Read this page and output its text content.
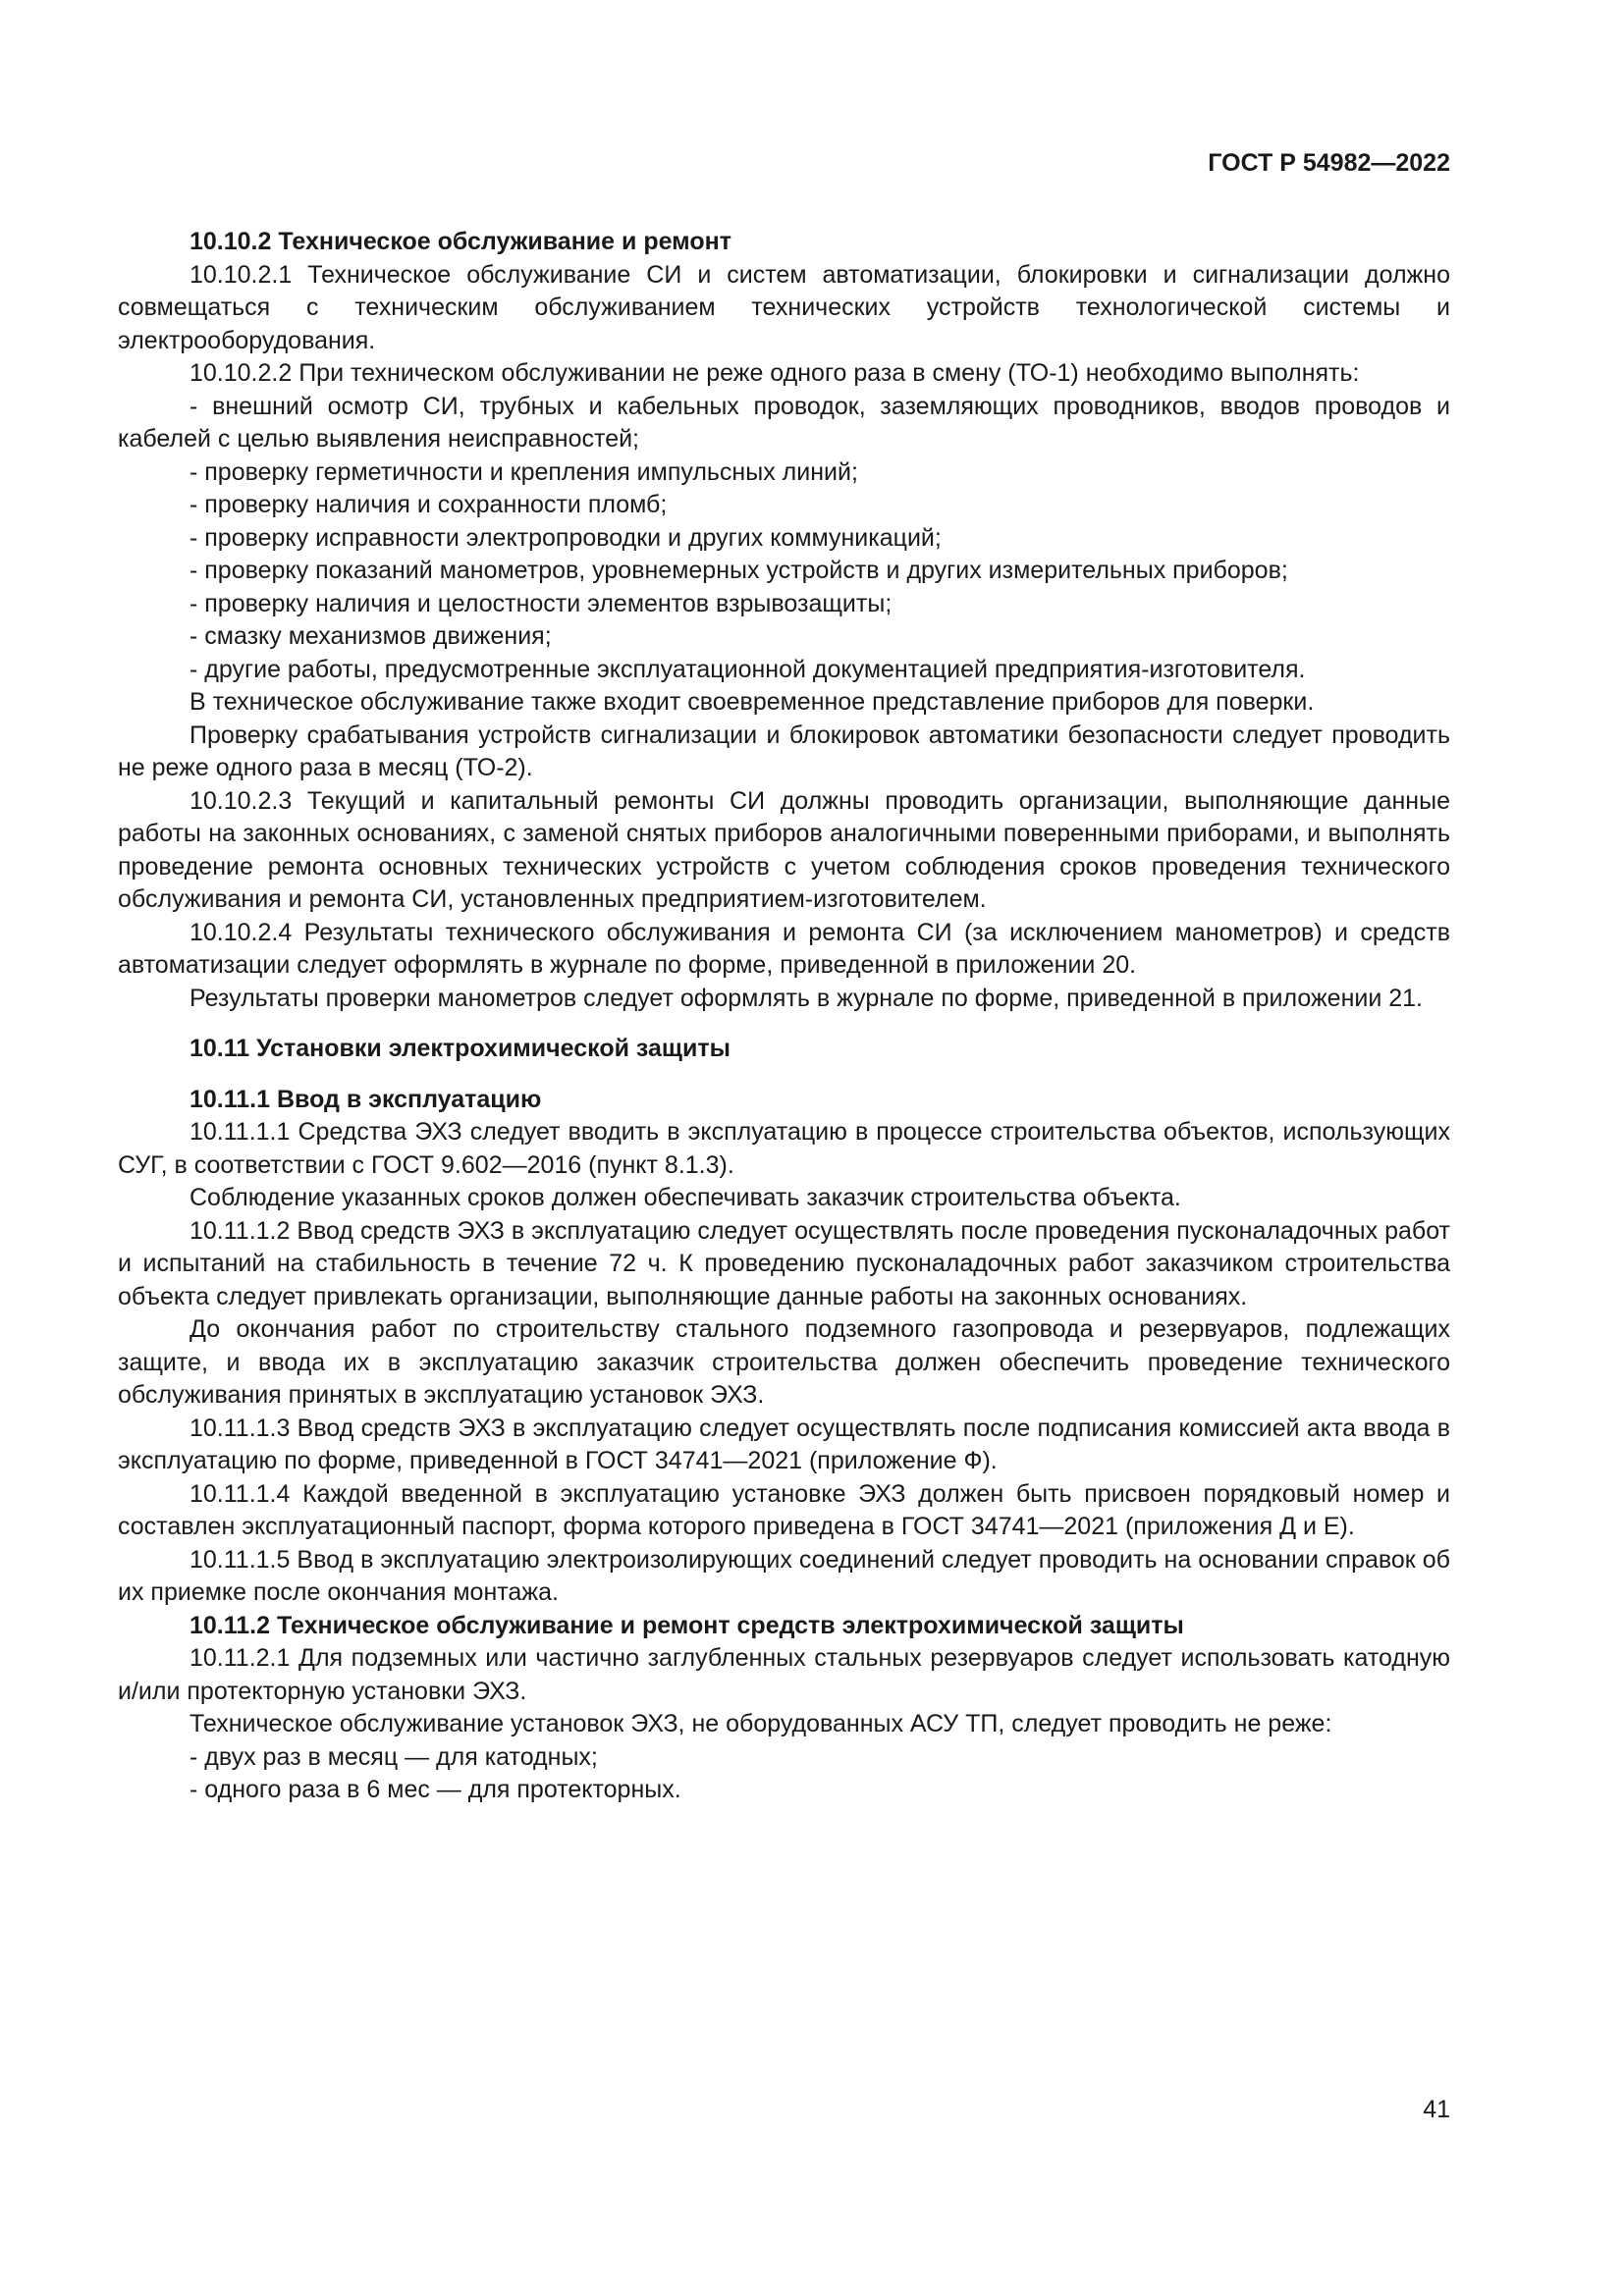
ГОСТ Р 54982—2022
10.10.2 Техническое обслуживание и ремонт
10.10.2.1 Техническое обслуживание СИ и систем автоматизации, блокировки и сигнализации должно совмещаться с техническим обслуживанием технических устройств технологической системы и электрооборудования.
10.10.2.2 При техническом обслуживании не реже одного раза в смену (ТО-1) необходимо выполнять:
- внешний осмотр СИ, трубных и кабельных проводок, заземляющих проводников, вводов проводов и кабелей с целью выявления неисправностей;
- проверку герметичности и крепления импульсных линий;
- проверку наличия и сохранности пломб;
- проверку исправности электропроводки и других коммуникаций;
- проверку показаний манометров, уровнемерных устройств и других измерительных приборов;
- проверку наличия и целостности элементов взрывозащиты;
- смазку механизмов движения;
- другие работы, предусмотренные эксплуатационной документацией предприятия-изготовителя.
В техническое обслуживание также входит своевременное представление приборов для поверки.
Проверку срабатывания устройств сигнализации и блокировок автоматики безопасности следует проводить не реже одного раза в месяц (ТО-2).
10.10.2.3 Текущий и капитальный ремонты СИ должны проводить организации, выполняющие данные работы на законных основаниях, с заменой снятых приборов аналогичными поверенными приборами, и выполнять проведение ремонта основных технических устройств с учетом соблюдения сроков проведения технического обслуживания и ремонта СИ, установленных предприятием-изготовителем.
10.10.2.4 Результаты технического обслуживания и ремонта СИ (за исключением манометров) и средств автоматизации следует оформлять в журнале по форме, приведенной в приложении 20.
Результаты проверки манометров следует оформлять в журнале по форме, приведенной в приложении 21.
10.11 Установки электрохимической защиты
10.11.1 Ввод в эксплуатацию
10.11.1.1 Средства ЭХЗ следует вводить в эксплуатацию в процессе строительства объектов, использующих СУГ, в соответствии с ГОСТ 9.602—2016 (пункт 8.1.3).
Соблюдение указанных сроков должен обеспечивать заказчик строительства объекта.
10.11.1.2 Ввод средств ЭХЗ в эксплуатацию следует осуществлять после проведения пусконаладочных работ и испытаний на стабильность в течение 72 ч. К проведению пусконаладочных работ заказчиком строительства объекта следует привлекать организации, выполняющие данные работы на законных основаниях.
До окончания работ по строительству стального подземного газопровода и резервуаров, подлежащих защите, и ввода их в эксплуатацию заказчик строительства должен обеспечить проведение технического обслуживания принятых в эксплуатацию установок ЭХЗ.
10.11.1.3 Ввод средств ЭХЗ в эксплуатацию следует осуществлять после подписания комиссией акта ввода в эксплуатацию по форме, приведенной в ГОСТ 34741—2021 (приложение Ф).
10.11.1.4 Каждой введенной в эксплуатацию установке ЭХЗ должен быть присвоен порядковый номер и составлен эксплуатационный паспорт, форма которого приведена в ГОСТ 34741—2021 (приложения Д и Е).
10.11.1.5 Ввод в эксплуатацию электроизолирующих соединений следует проводить на основании справок об их приемке после окончания монтажа.
10.11.2 Техническое обслуживание и ремонт средств электрохимической защиты
10.11.2.1 Для подземных или частично заглубленных стальных резервуаров следует использовать катодную и/или протекторную установки ЭХЗ.
Техническое обслуживание установок ЭХЗ, не оборудованных АСУ ТП, следует проводить не реже:
- двух раз в месяц — для катодных;
- одного раза в 6 мес — для протекторных.
41
